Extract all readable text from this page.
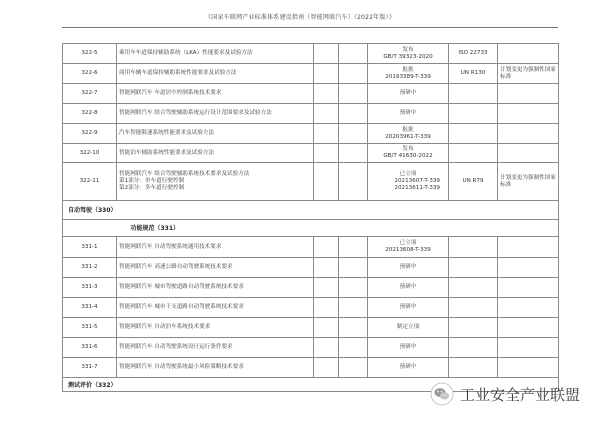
《国家车联网产业标准体系建设指南（智能网联汽车）（2022年版）》
322-5	乘用车车道保持辅助系统（LKA）性能要求及试验方法			发布
GB/T 39323-2020	ISO 22733	
322-6	商用车辆车道保持辅助系统性能要求及试验方法			报批
20193389-T-339	UN R130	计划变更为强制性国家标准
322-7	智能网联汽车 车道居中控制系统技术要求			预研中		

322-8	智能网联汽车 组合驾驶辅助系统运行设计范围要求及试验方法			预研中		

322-9	汽车智能限速系统性能要求及试验方法			报批
20203961-T-339		

322-10	智能泊车辅助系统性能要求及试验方法			发布
GB/T 41630-2022		

322-11	智能网联汽车 组合驾驶辅助系统技术要求及试验方法
第1部分：单车道行驶控制
第2部分：多车道行驶控制			已立项
20213607-T-339
20213611-T-339	UN R79	计划变更为强制性国家标准
自动驾驶（330）						
	功能规范（331）					
331-1	智能网联汽车 自动驾驶系统通用技术要求			已立项
20213608-T-339		

331-2	智能网联汽车 高速公路自动驾驶系统技术要求			预研中		

331-3	智能网联汽车 城市驾驶道路自动驾驶系统技术要求			预研中		

331-4	智能网联汽车 城市干支道路自动驾驶系统技术要求			预研中		

331-5	智能网联汽车 自动泊车系统技术要求			制定立项		

331-6	智能网联汽车 自动驾驶系统设计运行条件要求			预研中		

331-7	智能网联汽车 自动驾驶系统最小风险策略技术要求			预研中		

测试评价（332）							工业安全产业联盟
